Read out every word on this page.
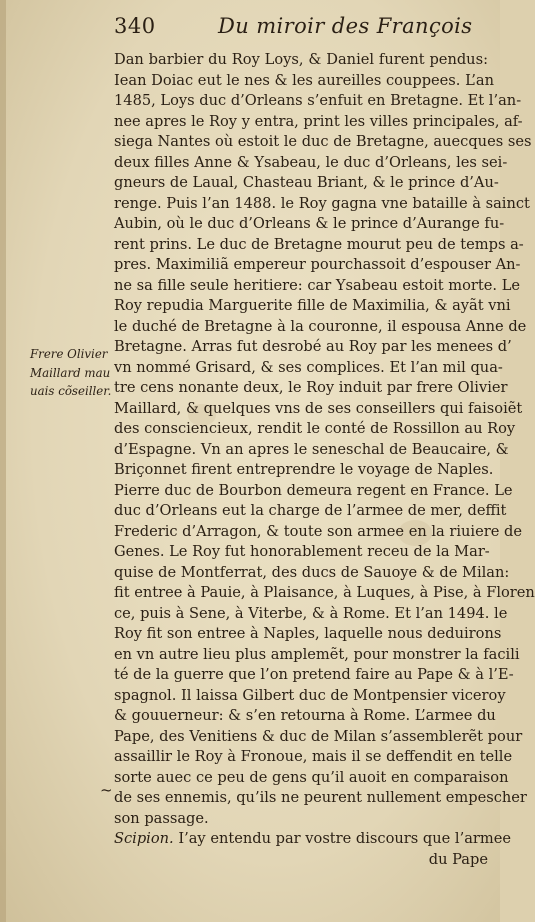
340	Du miroir des François
Frere Olivier
Maillard mau
uais cõseiller.
Dan barbier du Roy Loys, & Daniel furent pendus:
Iean Doiac eut le nes & les aureilles couppees. L’an
1485, Loys duc d’Orleans s’enfuit en Bretagne. Et l’an-
nee apres le Roy y entra, print les villes principales, af-
siega Nantes où estoit le duc de Bretagne, auecques ses
deux filles Anne & Ysabeau, le duc d’Orleans, les sei-
gneurs de Laual, Chasteau Briant, & le prince d’Au-
renge. Puis l’an 1488. le Roy gagna vne bataille à sainct
Aubin, où le duc d’Orleans & le prince d’Aurange fu-
rent prins. Le duc de Bretagne mourut peu de temps a-
pres. Maximiliã empereur pourchassoit d’espouser An-
ne sa fille seule heritiere: car Ysabeau estoit morte. Le
Roy repudia Marguerite fille de Maximilia, & ayãt vni
le duché de Bretagne à la couronne, il espousa Anne de
Bretagne. Arras fut desrobé au Roy par les menees d’
vn nommé Grisard, & ses complices. Et l’an mil qua-
tre cens nonante deux, le Roy induit par frere Olivier
Maillard, & quelques vns de ses conseillers qui faisoiẽt
des consciencieux, rendit le conté de Rossillon au Roy
d’Espagne. Vn an apres le seneschal de Beaucaire, &
Briçonnet firent entreprendre le voyage de Naples.
Pierre duc de Bourbon demeura regent en France. Le
duc d’Orleans eut la charge de l’armee de mer, deffit
Frederic d’Arragon, & toute son armee en la riuiere de
Genes. Le Roy fut honorablement receu de la Mar-
quise de Montferrat, des ducs de Sauoye & de Milan:
fit entree à Pauie, à Plaisance, à Luques, à Pise, à Floren
ce, puis à Sene, à Viterbe, & à Rome. Et l’an 1494. le
Roy fit son entree à Naples, laquelle nous deduirons
en vn autre lieu plus amplemẽt, pour monstrer la facili
té de la guerre que l’on pretend faire au Pape & à l’E-
spagnol. Il laissa Gilbert duc de Montpensier viceroy
& gouuerneur: & s’en retourna à Rome. L’armee du
Pape, des Venitiens & duc de Milan s’assemblerẽt pour
assaillir le Roy à Fronoue, mais il se deffendit en telle
sorte auec ce peu de gens qu’il auoit en comparaison
de ses ennemis, qu’ils ne peurent nullement empescher
son passage.
Scipion. I’ay entendu par vostre discours que l’armee
du Pape
~
